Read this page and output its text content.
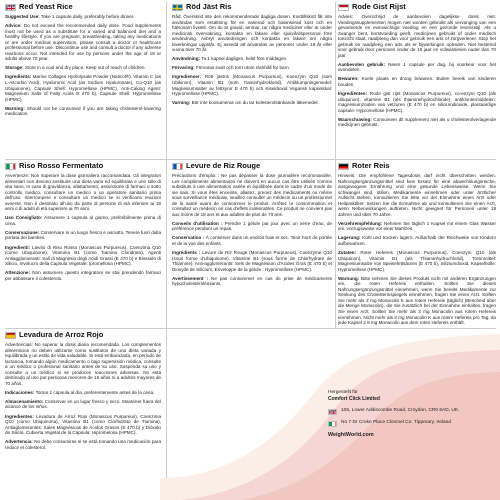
Red Yeast Rice

Suggested Use: Take 1 capsule daily, preferably before dinner.

Advice: Do not exceed the recommended daily dose. Food supplements must not be used as a substitute for a varied and balanced diet and a healthy lifestyle. If you are pregnant, breastfeeding, taking any medications or are under medical supervision, please consult a doctor or healthcare professional before use. Discontinue use and consult a doctor if any adverse reactions occur. Not intended for use by persons under the age of 18 or adults above 70 year.

Storage: Store in a cool and dry place. Keep out of reach of children.

Ingredients: Marine Collagen Hydrolysate Powder (Naticol®), Vitamin C (as L-Ascorbic Acid), Hyaluronic Acid (as Sodium Hyaluronate), Co-Q10 (as Ubiquinone), Capsule Shell: Hypromellose (HPMC), Anti-Caking Agent: Magnesium Salts of Fatty Acids E 470 b), Capsule Shell: Hypromellose (HPMC).

Warning: Should not be consumed if you are taking cholesterol-lowering medication.

Röd Jäst Ris

Råd: Överskrid inte den rekommenderade dagliga dosen. Kosttillskott får inte användas som ersättning för en varierad och balanserad kost och en hälsosam livsstil. Om du är gravid, ammar, tar några mediciner eller är under medicinsk övervakning, kontakta en läkare eller sjukvårdspersonal före användning. Avbryt användningen och kontakta en läkare om några biverkningar uppstår. Ej avsedd att användas av personer under 18 år eller vuxna över 70 år.

Användning: Ta 1 kapsel dagligen, helst före middagen.

Förvaring: Förvaras svalt och torrt utom räckhåll för barn.

Ingredienser: Rött jästris (Monascus Purpureus), Koenzym Q10 (som Ubikinon), Vitamin B1 (som Tiaminhydroklorid), Antiklumpningsmedel: Magnesiumsalter av fettsyror E 470 b) och Kiseldioxid Vegansk kapselskal: Hypromellose (HPMC).

Varning: Bör inte konsumeras om du tar kolesterolsänkande läkemedel.

Rode Gist Rijst

Advies: Overschrijd de aanbevolen dagelijkse dosis niet. Voedingssupplementen mogen niet worden gebruikt als vervanging van een gevarieerde en evenwichtige voeding en een gezonde levensstijl. Als u zwanger bent, borstvoeding geeft, medicijnen gebruikt of onder medisch toezicht staat, raadpleeg dan voor gebruik een arts of zorgverlener. Stop het gebruik en raadpleeg een arts als er bijwerkingen optreden. Niet bestemd voor gebruik door personen onder de 18 jaar en volwassenen ouder dan 70 jaar.

Aanbevolen gebruik: Neem 1 capsule per dag, bij voorkeur voor het avondeten.

Bewaren: Koele plaats en droog bewaren. Buiten bereik van kinderen houden.

Ingrediënten: Rode gist rijst (Monascus Purpureus), co-enzym Q10 (als ubiquinon), vitamine B1 (als thiaminehydrochloride), antiklontermiddelen: magnesiumzouten van vetzuren (E 470 b) en siliciumdioxide, plantaardige capsule: Hypromellose (HPMC).

Waarschuwing: Consumeer dit supplement niet als u cholesterolverlagende medicijnen gebruikt.

Riso Rosso Fermentato

Avvertenze: Non superare la dose giornaliera raccomandata. Gli integratori alimentari non devono sostituire una dieta varia ed equilibrata e uno stile di vita sano. In caso di gravidanza, allattamento, assunzione di farmaci o sotto controllo medico, consultare un medico o un operatore sanitario prima dell'uso. Interrompere e consultare un medico se si verificano reazioni avverse. Non è destinato all'uso da parte di persone di età inferiore ai 18 anni o di adulti di età superiore ai 70 anni.

Uso Consigliato: Assumere 1 capsula al giorno, preferibilmente prima di cena.

Conservazione: Conservare in un luogo fresco e asciutto. Tenere fuori dalla portata dei bambini.

Ingredienti: Lievito di Riso Rosso (Monascus Purpureus), Coenzima Q10 (come Ubiquinone), Vitamina B1 (come Tiamina Cloridrato), Agenti Antiagglomeranti: Sali di Magnesio degli Acidi Grassi (E 470 b) e Biossido di Silicio, Involucro della Capsula Vegetale: Ipromellosa (HPMC).

Attenzione: Non assumere questo integratore se stai prendendo farmaci per abbassare il colesterolo.

Levure de Riz Rouge

Précautions d'emploi : Ne pas dépasser la dose journalière recommandée. Les compléments alimentaires ne doivent en aucun cas être utilisés comme substituts à une alimentation variée et équilibrée dans le cadre d'un mode de vie sain. Si vous êtes enceinte, allaitez, prenez des médicaments ou même sous surveillance médicale, veuillez consulter un médecin ou un professionnel de la santé avant de consommer le produit. Arrêtez la consommation et consultez un médecin en cas d'effets indésirables. Ce produit ne convient pas aux moins de 18 ans et aux adultes de plus de 70 ans.

Conseils d'utilisation : Prendre 1 gélule par jour avec un verre d'eau, de préférence pendant un repas.

Conservation : À conserver dans un endroit frais et sec. Tenir hors de portée et de la vue des enfants.

Ingrédients : Levure de Riz Rouge (Monascus Purpureus), Coenzyme Q10 (sous forme d'Ubiquinone), Vitamine B1 (sous forme de Chlorhydrate de Thiamine), Anti-agglomérants: Sels de Magnésium d'Acides Gras (E 470 b) et Dioxyde de Silicium, Enveloppe de la gélule : Hypromellose (HPMC).

Avertissement : Ne pas consommer en cas de prise de médicaments hypocholestérolémiants.

Roter Reis

Hinweis: Die empfohlene Tagesdosis darf nicht überschritten werden. Nahrungsergänzungsmittel sind kein Ersatz für eine abwechslungsreiche, ausgewogene Ernährung und eine gesunde Lebensweise. Wenn Sie schwanger sind, stillen, Medikamente einnehmen oder unter ärztlicher Aufsicht stehen, konsultieren Sie bitte vor der Einnahme einen Arzt oder Heilpraktiker. Setzen Sie die Einnahme ab und konsultieren Sie einen Arzt, wenn Nebenwirkungen auftreten. Nicht geeignet für Personen unter 18 Jahren und über 70 Jahre.

Verzehrempfehlung: Nehmen Sie täglich 1 Kapsel mit einem Glas Wasser ein, vorzugsweise vor einer Mahlzeit.

Lagerung: Kühl und trocken lagern. Außerhalb der Reichweite von Kindern aufbewahren.

Zutaten: Roter Hefereis (Monascus Purpureus), Coenzym Q10 (als Ubiquinon), Vitamin B1 (als Thiaminhydrochlorid), Trennmittel: Magnesiumsalze von Speisefettsäuren (E 470 b), Siliziumdioxid, Kapselhülle: Hypromellose (HPMC).

Warnung: Bitte nehmen Sie dieses Produkt nicht mit anderen Ergänzungen ein, die roten Hefereis enthalten. Sollten Sie dieses Nahrungsergänzungsmittel einnehmen, wenn Sie bereits Medikamente zur Senkung des Cholesterinspiegels einnehmen, fragen Sie einen Arzt. Sollten Sie mehr als 3 mg Monacolin K aus rotem Hefereis (täglich) (Bescheid über die Menge Monacolin), die Sie zusätzlich bei der Einnahme einhalten, fragen Sie einen Arzt. Sollten Sie mehr als 3 mg Monacolin aus rotem Hefereis einnehmen. Nicht mehr als 3 mg Monacolin K aus rotem Hefereis pro Tag, da jede Kapsel 2.9 mg Monacolin aus dem roten Hefereis enthält.

Levadura de Arroz Rojo

Advertencias: No superar la dosis diaria recomendada. Los complementos alimenticios no deben utilizarse como sustitutos de una dieta variada y equilibrada y un estilo de vida saludable. Si está embarazada, en período de lactancia, tomando algún medicamento o bajo supervisión médica, consulte a un médico o profesional sanitario antes de su uso. Suspenda su uso y consulte a un médico si se producen reacciones adversas. No está destinado al uso por personas menores de 18 años ni a adultos mayores de 70 años.

Indicaciones: Tomar 1 cápsula al día, preferentemente antes de la cena.

Almacenamiento: Conservar en un lugar fresco y seco. Mantener fuera del alcance de los niños.

Ingredientes: Levadura de Arroz Rojo (Monascus Purpureus), Coenzima Q10 (como Ubiquinona), Vitamina B1 (como Clorhidrato de Tiamina), Antiaglomerantes: Sales Magnésicas de Ácidos Grasos (E 470 b) y Dióxido de Silicio, Cubierta Vegetal de la Cápsula: Hipromelosa (HPMC).

Advertencia: No debe consumirse si se está tomando una medicación para reducir el colesterol.

Hergestellt für
Comfort Click Limited
106, Lower Addiscombe Road, Croydon, CR0 6AD, UK.
No 7 Dr Croke Place Clonmel Co. Tipperary, Ireland
WeightWorld.com
